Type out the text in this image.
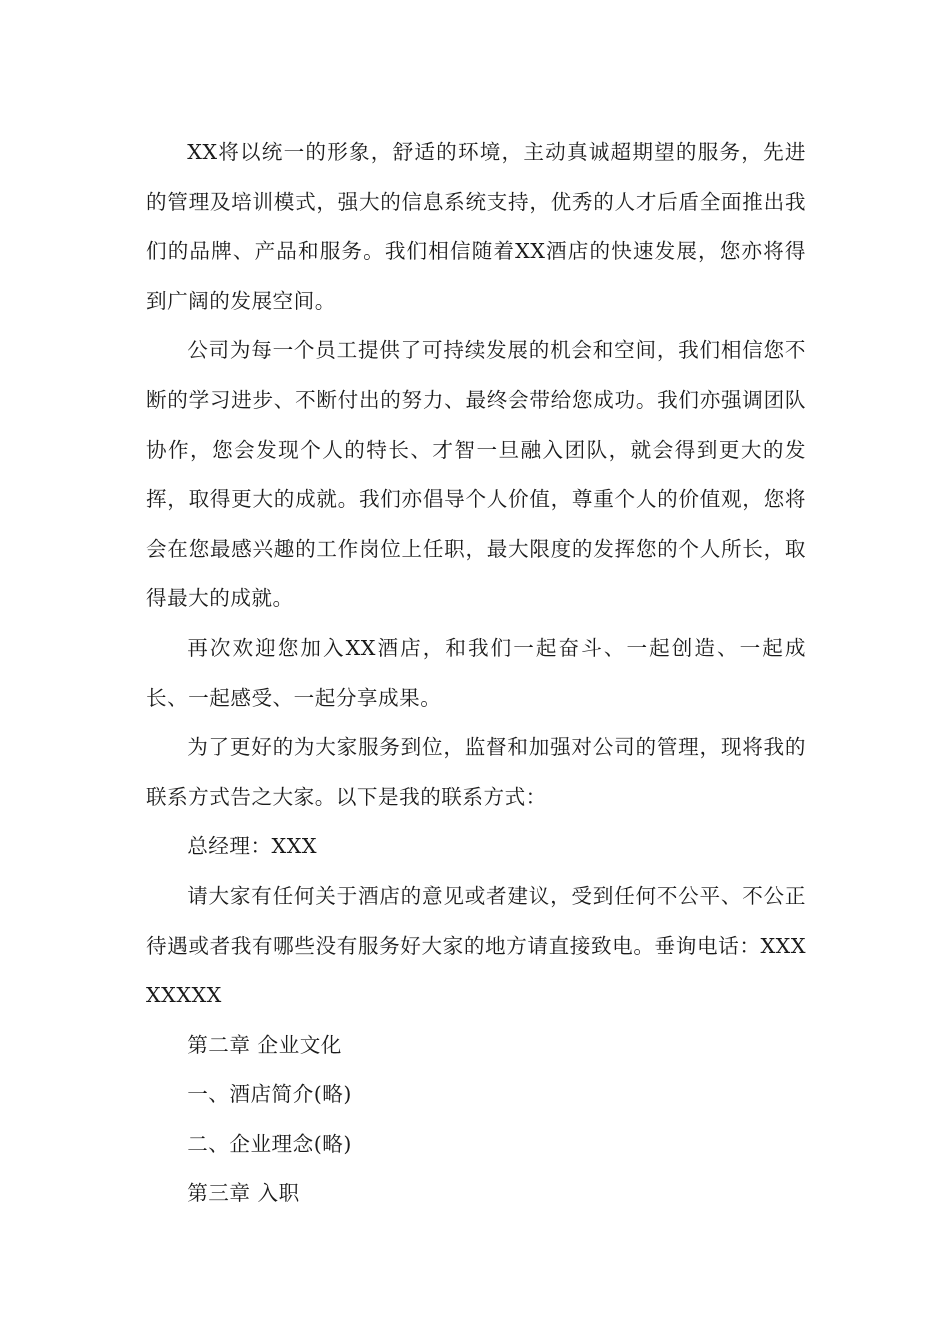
XX将以统一的形象，舒适的环境，主动真诚超期望的服务，先进的管理及培训模式，强大的信息系统支持，优秀的人才后盾全面推出我们的品牌、产品和服务。我们相信随着XX酒店的快速发展，您亦将得到广阔的发展空间。

公司为每一个员工提供了可持续发展的机会和空间，我们相信您不断的学习进步、不断付出的努力、最终会带给您成功。我们亦强调团队协作，您会发现个人的特长、才智一旦融入团队，就会得到更大的发挥，取得更大的成就。我们亦倡导个人价值，尊重个人的价值观，您将会在您最感兴趣的工作岗位上任职，最大限度的发挥您的个人所长，取得最大的成就。

再次欢迎您加入XX酒店，和我们一起奋斗、一起创造、一起成长、一起感受、一起分享成果。

为了更好的为大家服务到位，监督和加强对公司的管理，现将我的联系方式告之大家。以下是我的联系方式：

总经理：XXX

请大家有任何关于酒店的意见或者建议，受到任何不公平、不公正待遇或者我有哪些没有服务好大家的地方请直接致电。垂询电话：XXXXXXXX

第二章 企业文化

一、酒店简介(略)

二、企业理念(略)

第三章 入职
